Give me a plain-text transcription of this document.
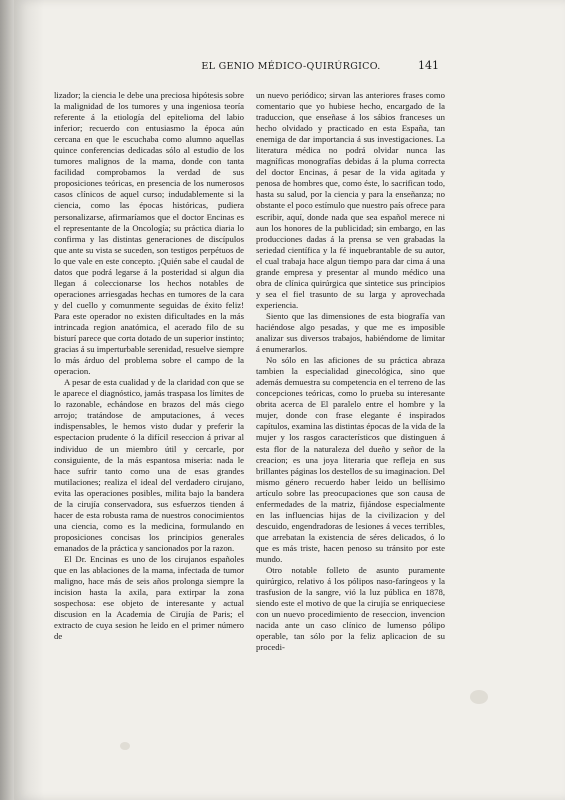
EL GENIO MÉDICO-QUIRÚRGICO.	141

lizador; la ciencia le debe una preciosa hipótesis sobre la malignidad de los tumores y una ingeniosa teoría referente á la etiología del epitelioma del labio inferior; recuerdo con entusiasmo la época aún cercana en que le escuchaba como alumno aquellas quince conferencias dedicadas sólo al estudio de los tumores malignos de la mama, donde con tanta facilidad comprobamos la verdad de sus proposiciones teóricas, en presencia de los numerosos casos clínicos de aquel curso; indudablemente si la ciencia, como las épocas históricas, pudiera personalizarse, afirmaríamos que el doctor Encinas es el representante de la Oncología; su práctica diaria lo confirma y las distintas generaciones de discípulos que ante su vista se suceden, son testigos perpétuos de lo que vale en este concepto. ¡Quién sabe el caudal de datos que podrá legarse á la posteridad si algun dia llegan á coleccionarse los hechos notables de operaciones arriesgadas hechas en tumores de la cara y del cuello y comunmente seguidas de éxito feliz! Para este operador no existen dificultades en la más intrincada region anatómica, el acerado filo de su bisturí parece que corta dotado de un superior instinto; gracias á su imperturbable serenidad, resuelve siempre lo más árduo del problema sobre el campo de la operacion.

A pesar de esta cualidad y de la claridad con que se le aparece el diagnóstico, jamás traspasa los límites de lo razonable, echándose en brazos del más ciego arrojo; tratándose de amputaciones, á veces indispensables, le hemos visto dudar y preferir la espectacion prudente ó la difícil reseccion á privar al individuo de un miembro útil y cercarle, por consiguiente, de la más espantosa miseria: nada le hace sufrir tanto como una de esas grandes mutilaciones; realiza el ideal del verdadero cirujano, evita las operaciones posibles, milita bajo la bandera de la cirujía conservadora, sus esfuerzos tienden á hacer de esta robusta rama de nuestros conocimientos una ciencia, como es la medicina, formulando en proposiciones concisas los principios generales emanados de la práctica y sancionados por la razon.

El Dr. Encinas es uno de los cirujanos españoles que en las ablaciones de la mama, infectada de tumor maligno, hace más de seis años prolonga siempre la incision hasta la axila, para extirpar la zona sospechosa: ese objeto de interesante y actual discusion en la Academia de Cirujía de Paris; el extracto de cuya sesion he leido en el primer número de

un nuevo periódico; sirvan las anteriores frases como comentario que yo hubiese hecho, encargado de la traduccion, que enseñase á los sábios franceses un hecho olvidado y practicado en esta España, tan enemiga de dar importancia á sus investigaciones. La literatura médica no podrá olvidar nunca las magníficas monografías debidas á la pluma correcta del doctor Encinas, á pesar de la vida agitada y penosa de hombres que, como éste, lo sacrifican todo, hasta su salud, por la ciencia y para la enseñanza; no obstante el poco estímulo que nuestro país ofrece para escribir, aquí, donde nada que sea español merece ni aun los honores de la publicidad; sin embargo, en las producciones dadas á la prensa se ven grabadas la seriedad científica y la fé inquebrantable de su autor, el cual trabaja hace algun tiempo para dar cima á una grande empresa y presentar al mundo médico una obra de clínica quirúrgica que sintetice sus principios y sea el fiel trasunto de su larga y aprovechada experiencia.

Siento que las dimensiones de esta biografía van haciéndose algo pesadas, y que me es imposible analizar sus diversos trabajos, habiéndome de limitar á enumerarlos.

No sólo en las aficiones de su práctica abraza tambien la especialidad ginecológica, sino que además demuestra su competencia en el terreno de las concepciones teóricas, como lo prueba su interesante obrita acerca de El paralelo entre el hombre y la mujer, donde con frase elegante é inspirados capítulos, examina las distintas épocas de la vida de la mujer y los rasgos característicos que distinguen á esta flor de la naturaleza del dueño y señor de la creacion; es una joya literaria que refleja en sus brillantes páginas los destellos de su imaginacion. Del mismo género recuerdo haber leido un bellísimo artículo sobre las preocupaciones que son causa de enfermedades de la matriz, fijándose especialmente en las influencias hijas de la civilizacion y del descuido, engendradoras de lesiones á veces terribles, que arrebatan la existencia de séres delicados, ó lo que es más triste, hacen penoso su tránsito por este mundo.

Otro notable folleto de asunto puramente quirúrgico, relativo á los pólipos naso-faríngeos y la trasfusion de la sangre, vió la luz pública en 1878, siendo este el motivo de que la cirujía se enriqueciese con un nuevo procedimiento de reseccion, invencion nacida ante un caso clínico de lumenso pólipo operable, tan sólo por la feliz aplicacion de su procedi-
